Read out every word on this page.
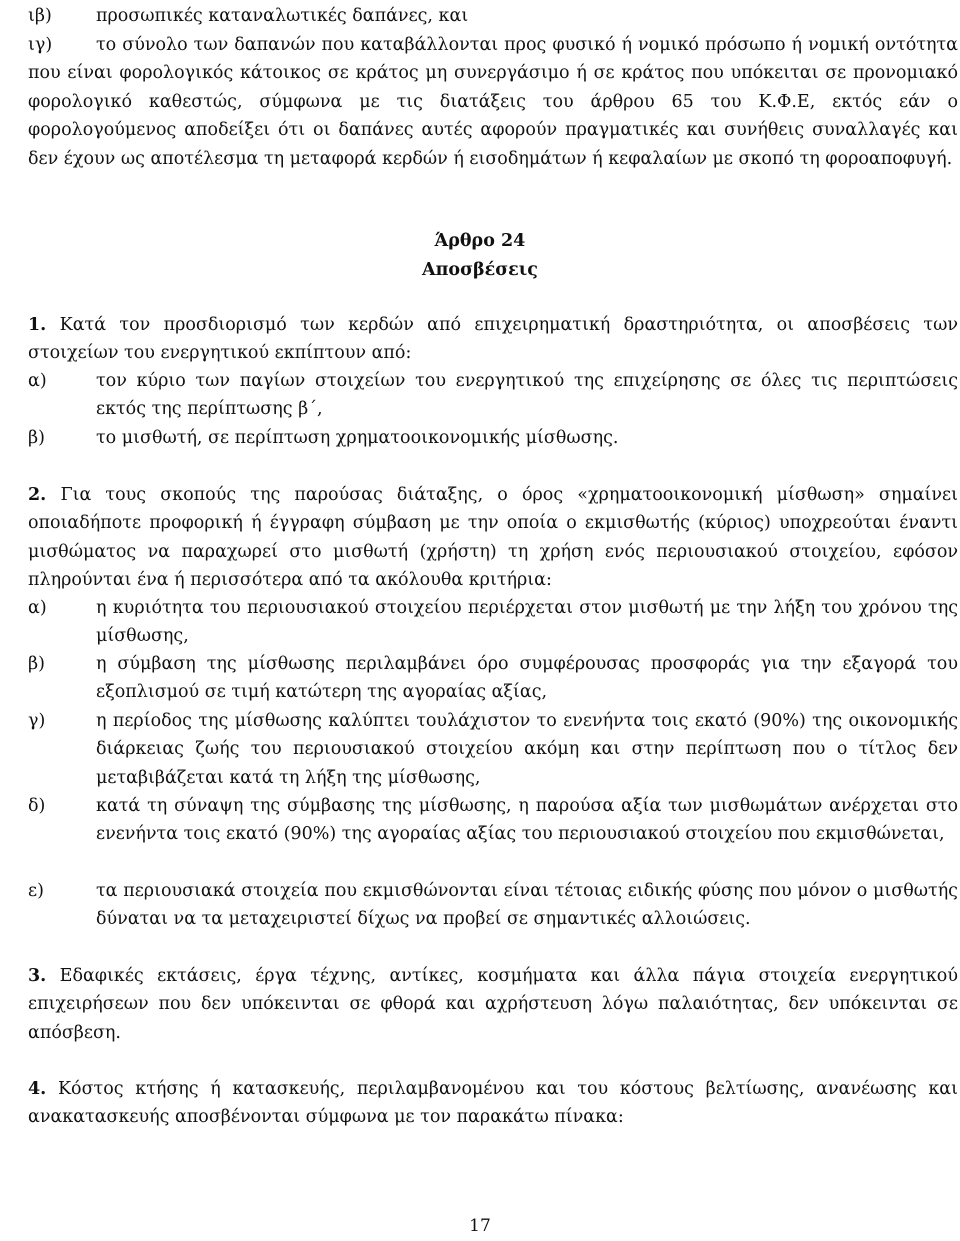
ιβ)	προσωπικές καταναλωτικές δαπάνες, και
ιγ)	το σύνολο των δαπανών που καταβάλλονται προς φυσικό ή νομικό πρόσωπο ή νομική οντότητα που είναι φορολογικός κάτοικος σε κράτος μη συνεργάσιμο ή σε κράτος που υπόκειται σε προνομιακό φορολογικό καθεστώς, σύμφωνα με τις διατάξεις του άρθρου 65 του Κ.Φ.Ε, εκτός εάν ο φορολογούμενος αποδείξει ότι οι δαπάνες αυτές αφορούν πραγματικές και συνήθεις συναλλαγές και δεν έχουν ως αποτέλεσμα τη μεταφορά κερδών ή εισοδημάτων ή κεφαλαίων με σκοπό τη φοροαποφυγή.
Άρθρο 24
Αποσβέσεις
1. Κατά τον προσδιορισμό των κερδών από επιχειρηματική δραστηριότητα, οι αποσβέσεις των στοιχείων του ενεργητικού εκπίπτουν από:
α)	τον κύριο των παγίων στοιχείων του ενεργητικού της επιχείρησης σε όλες τις περιπτώσεις εκτός της περίπτωσης β΄,
β)	το μισθωτή, σε περίπτωση χρηματοοικονομικής μίσθωσης.
2. Για τους σκοπούς της παρούσας διάταξης, ο όρος «χρηματοοικονομική μίσθωση» σημαίνει οποιαδήποτε προφορική ή έγγραφη σύμβαση με την οποία ο εκμισθωτής (κύριος) υποχρεούται έναντι μισθώματος να παραχωρεί στο μισθωτή (χρήστη) τη χρήση ενός περιουσιακού στοιχείου, εφόσον πληρούνται ένα ή περισσότερα από τα ακόλουθα κριτήρια:
α)	η κυριότητα του περιουσιακού στοιχείου περιέρχεται στον μισθωτή με την λήξη του χρόνου της μίσθωσης,
β)	η σύμβαση της μίσθωσης περιλαμβάνει όρο συμφέρουσας προσφοράς για την εξαγορά του εξοπλισμού σε τιμή κατώτερη της αγοραίας αξίας,
γ)	η περίοδος της μίσθωσης καλύπτει τουλάχιστον το ενενήντα τοις εκατό (90%) της οικονομικής διάρκειας ζωής του περιουσιακού στοιχείου ακόμη και στην περίπτωση που ο τίτλος δεν μεταβιβάζεται κατά τη λήξη της μίσθωσης,
δ)	κατά τη σύναψη της σύμβασης της μίσθωσης, η παρούσα αξία των μισθωμάτων ανέρχεται στο ενενήντα τοις εκατό (90%) της αγοραίας αξίας του περιουσιακού στοιχείου που εκμισθώνεται,
ε)	τα περιουσιακά στοιχεία που εκμισθώνονται είναι τέτοιας ειδικής φύσης που μόνον ο μισθωτής δύναται να τα μεταχειριστεί δίχως να προβεί σε σημαντικές αλλοιώσεις.
3. Εδαφικές εκτάσεις, έργα τέχνης, αντίκες, κοσμήματα και άλλα πάγια στοιχεία ενεργητικού επιχειρήσεων που δεν υπόκεινται σε φθορά και αχρήστευση λόγω παλαιότητας, δεν υπόκεινται σε απόσβεση.
4. Κόστος κτήσης ή κατασκευής, περιλαμβανομένου και του κόστους βελτίωσης, ανανέωσης και ανακατασκευής αποσβένονται σύμφωνα με τον παρακάτω πίνακα:
17
